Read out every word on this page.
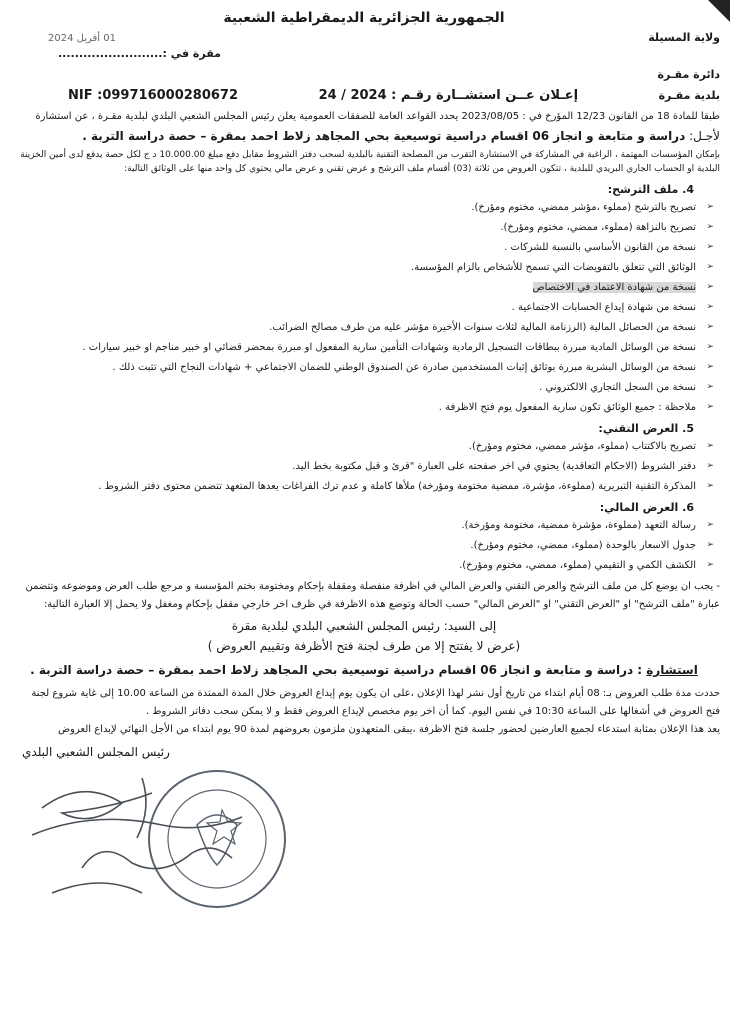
الجمهورية الجزائرية الديمقراطية الشعبية
ولاية المسيلة
01 أفريل 2024
مقرة في :.........................
دائرة مقـرة
بلدية مقـرة
إعـلان عــن استشــارة رقـم : 24 / 2024
NIF :099716000280672
طبقا للمادة 18 من القانون 12/23 المؤرخ في : 2023/08/05 يحدد القواعد العامة للصفقات العمومية يعلن رئيس المجلس الشعبي البلدي لبلدية مقـرة ، عن استشارة
لأجـل: دراسة و متابعة و انجاز 06 اقسام دراسية توسيعية بحي المجاهد زلاط احمد بمقرة – حصة دراسة التربة .
بإمكان المؤسسات المهتمة ، الراغبة في المشاركة في الاستشارة التقرب من المصلحة التقنية بالبلدية لسحب دفتر الشروط مقابل دفع مبلغ 10.000.00 د ج لكل حصة يدفع لدى أمين الخزينة
البلدية او الحساب الجاري البريدي للبلدية ، تتكون العروض من ثلاثة (03) أقسام ملف الترشح و عرض تقني و عرض مالي يحتوي كل واحد منها على الوثائق التالية:
4. ملف الترشح:
➢
تصريح بالترشح (مملوء ،مؤشر ممضي، مختوم ومؤرخ).
➢
تصريح بالنزاهة (مملوء، ممضي، مختوم ومؤرخ).
➢
نسخة من القانون الأساسي بالنسبة للشركات .
➢
الوثائق التي تتعلق بالتفويضات التي تسمح للأشخاص بالزام المؤسسة.
➢
نسخة من شهادة الاعتماد في الاختصاص
➢
نسخة من شهادة إيداع الحسابات الاجتماعية .
➢
نسخة من الحصائل المالية (الرزنامة المالية لثلاث سنوات الأخيرة مؤشر عليه من طرف مصالح الضرائب.
➢
نسخة من الوسائل المادية مبررة ببطاقات التسجيل الرمادية وشهادات التأمين سارية المفعول او مبررة بمحضر قضائي او خبير مناجم او خبير سيارات .
➢
نسخة من الوسائل البشرية مبررة بوثائق إثبات المستخدمين صادرة عن الصندوق الوطني للضمان الاجتماعي + شهادات النجاح التي تثبت ذلك .
➢
نسخة من السجل التجاري الالكتروني .
➢
ملاحظة : جميع الوثائق تكون سارية المفعول يوم فتح الاظرفة .
5. العرض التقني:
➢
تصريح بالاكتتاب (مملوء، مؤشر ممضي، مختوم ومؤرخ).
➢
دفتر الشروط (الاحكام التعاقدية) يحتوي في اخر صفحته على العبارة "قرئ و قبل مكتوبة بخط اليد.
➢
المذكرة التقنية التبريرية (مملوءة، مؤشرة، ممضية مختومة ومؤرخة) ملأها كاملة و عدم ترك الفراغات يعدها المتعهد تتضمن محتوى دفتر الشروط .
6. العرض المالي:
➢
رسالة التعهد (مملوءة، مؤشرة ممضية، مختومة ومؤرخة).
➢
جدول الاسعار بالوحدة (مملوء، ممضي، مختوم ومؤرخ).
➢
الكشف الكمي و التقيمي (مملوء، ممضي، مختوم ومؤرخ).
- يجب ان يوضع كل من ملف الترشح والعرض التقني والعرض المالي في اظرفة منفصلة ومقفلة بإحكام ومختومة بختم المؤسسة و مرجع طلب العرض وموضوعه وتتضمن
عبارة "ملف الترشح" او "العرض التقني" او "العرض المالي" حسب الحالة وتوضع هذه الاظرفة في ظرف اخر خارجي مقفل بإحكام ومغفل ولا يحمل إلا العبارة التالية:
إلى السيد: رئيس المجلس الشعبي البلدي لبلدية مقرة
(عرض لا يفتتح إلا من طرف لجنة فتح الأظرفة وتقييم العروض )
استشارة : دراسة و متابعة و انجاز 06 اقسام دراسية توسيعية بحي المجاهد زلاط احمد بمقرة – حصة دراسة التربة .
حددت مدة طلب العروض بـ: 08 أيام ابتداء من تاريخ أول نشر لهذا الإعلان ،على ان يكون يوم إيداع العروض خلال المدة الممتدة من الساعة 10.00 إلى غاية شروع لجنة
فتح العروض في أشغالها على الساعة 10:30 في نفس اليوم. كما أن اخر يوم مخصص لإيداع العروض فقط و لا يمكن سحب دفاتر الشروط .
يعد هذا الإعلان بمثابة استدعاء لجميع العارضين لحضور جلسة فتح الاظرفة ،يبقى المتعهدون ملزمون بعروضهم لمدة 90 يوم ابتداء من الأجل النهائي لإيداع العروض
رئيس المجلس الشعبي البلدي
